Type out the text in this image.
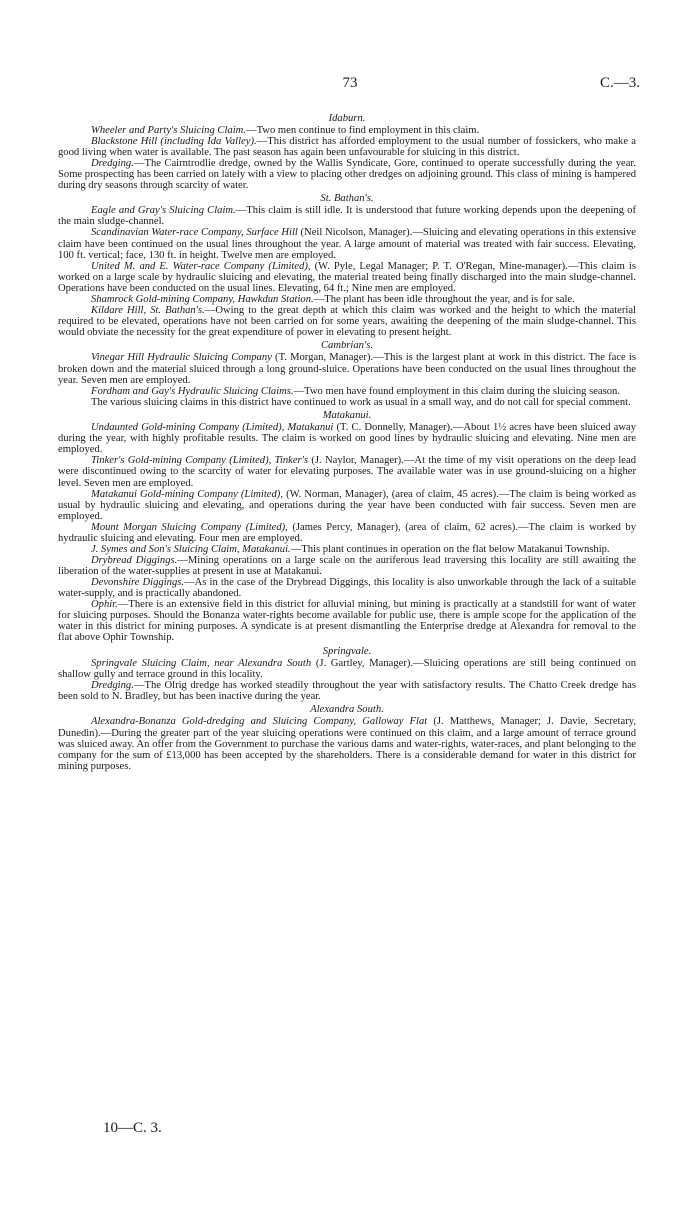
73	C.—3.
Idaburn.

Wheeler and Party's Sluicing Claim.—Two men continue to find employment in this claim.

Blackstone Hill (including Ida Valley).—This district has afforded employment to the usual number of fossickers, who make a good living when water is available. The past season has again been unfavourable for sluicing in this district.

Dredging.—The Cairntrodlie dredge, owned by the Wallis Syndicate, Gore, continued to operate successfully during the year. Some prospecting has been carried on lately with a view to placing other dredges on adjoining ground. This class of mining is hampered during dry seasons through scarcity of water.

St. Bathan's.

Eagle and Gray's Sluicing Claim.—This claim is still idle. It is understood that future working depends upon the deepening of the main sludge-channel.

Scandinavian Water-race Company, Surface Hill (Neil Nicolson, Manager).—Sluicing and elevating operations in this extensive claim have been continued on the usual lines throughout the year. A large amount of material was treated with fair success. Elevating, 100 ft. vertical; face, 130 ft. in height. Twelve men are employed.

United M. and E. Water-race Company (Limited), (W. Pyle, Legal Manager; P. T. O'Regan, Mine-manager).—This claim is worked on a large scale by hydraulic sluicing and elevating, the material treated being finally discharged into the main sludge-channel. Operations have been conducted on the usual lines. Elevating, 64 ft.; Nine men are employed.

Shamrock Gold-mining Company, Hawkdun Station.—The plant has been idle throughout the year, and is for sale.

Kildare Hill, St. Bathan's.—Owing to the great depth at which this claim was worked and the height to which the material required to be elevated, operations have not been carried on for some years, awaiting the deepening of the main sludge-channel. This would obviate the necessity for the great expenditure of power in elevating to present height.

Cambrian's.

Vinegar Hill Hydraulic Sluicing Company (T. Morgan, Manager).—This is the largest plant at work in this district. The face is broken down and the material sluiced through a long ground-sluice. Operations have been conducted on the usual lines throughout the year. Seven men are employed.

Fordham and Gay's Hydraulic Sluicing Claims.—Two men have found employment in this claim during the sluicing season.

The various sluicing claims in this district have continued to work as usual in a small way, and do not call for special comment.

Matakanui.

Undaunted Gold-mining Company (Limited), Matakanui (T. C. Donnelly, Manager).—About 1½ acres have been sluiced away during the year, with highly profitable results. The claim is worked on good lines by hydraulic sluicing and elevating. Nine men are employed.

Tinker's Gold-mining Company (Limited), Tinker's (J. Naylor, Manager).—At the time of my visit operations on the deep lead were discontinued owing to the scarcity of water for elevating purposes. The available water was in use ground-sluicing on a higher level. Seven men are employed.

Matakanui Gold-mining Company (Limited), (W. Norman, Manager), (area of claim, 45 acres).—The claim is being worked as usual by hydraulic sluicing and elevating, and operations during the year have been conducted with fair success. Seven men are employed.

Mount Morgan Sluicing Company (Limited), (James Percy, Manager), (area of claim, 62 acres).—The claim is worked by hydraulic sluicing and elevating. Four men are employed.

J. Symes and Son's Sluicing Claim, Matakanui.—This plant continues in operation on the flat below Matakanui Township.

Drybread Diggings.—Mining operations on a large scale on the auriferous lead traversing this locality are still awaiting the liberation of the water-supplies at present in use at Matakanui.

Devonshire Diggings.—As in the case of the Drybread Diggings, this locality is also unworkable through the lack of a suitable water-supply, and is practically abandoned.

Ophir.—There is an extensive field in this district for alluvial mining, but mining is practically at a standstill for want of water for sluicing purposes. Should the Bonanza water-rights become available for public use, there is ample scope for the application of the water in this district for mining purposes. A syndicate is at present dismantling the Enterprise dredge at Alexandra for removal to the flat above Ophir Township.

Springvale.

Springvale Sluicing Claim, near Alexandra South (J. Gartley, Manager).—Sluicing operations are still being continued on shallow gully and terrace ground in this locality.

Dredging.—The Olrig dredge has worked steadily throughout the year with satisfactory results. The Chatto Creek dredge has been sold to N. Bradley, but has been inactive during the year.

Alexandra South.

Alexandra-Bonanza Gold-dredging and Sluicing Company, Galloway Flat (J. Matthews, Manager; J. Davie, Secretary, Dunedin).—During the greater part of the year sluicing operations were continued on this claim, and a large amount of terrace ground was sluiced away. An offer from the Government to purchase the various dams and water-rights, water-races, and plant belonging to the company for the sum of £13,000 has been accepted by the shareholders. There is a considerable demand for water in this district for mining purposes.

10—C. 3.
